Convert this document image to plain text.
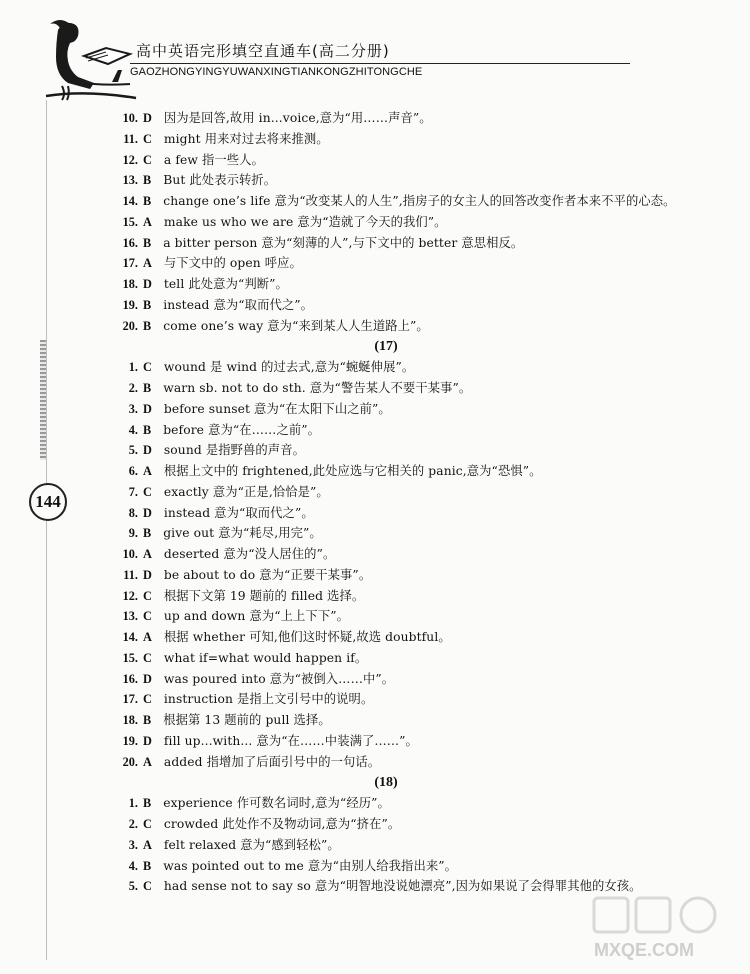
高中英语完形填空直通车(高二分册)
GAOZHONGYINGYUWANXINGTIANKONGZHITONGCHE
144
10. D 因为是回答,故用 in...voice,意为“用……声音”。
11. C might 用来对过去将来推测。
12. C a few 指一些人。
13. B But 此处表示转折。
14. B change one’s life 意为“改变某人的人生”,指房子的女主人的回答改变作者本来不平的心态。
15. A make us who we are 意为“造就了今天的我们”。
16. B a bitter person 意为“刻薄的人”,与下文中的 better 意思相反。
17. A 与下文中的 open 呼应。
18. D tell 此处意为“判断”。
19. B instead 意为“取而代之”。
20. B come one’s way 意为“来到某人人生道路上”。
(17)
1. C wound 是 wind 的过去式,意为“蜿蜒伸展”。
2. B warn sb. not to do sth. 意为“警告某人不要干某事”。
3. D before sunset 意为“在太阳下山之前”。
4. B before 意为“在……之前”。
5. D sound 是指野兽的声音。
6. A 根据上文中的 frightened,此处应选与它相关的 panic,意为“恐惧”。
7. C exactly 意为“正是,恰恰是”。
8. D instead 意为“取而代之”。
9. B give out 意为“耗尽,用完”。
10. A deserted 意为“没人居住的”。
11. D be about to do 意为“正要干某事”。
12. C 根据下文第 19 题前的 filled 选择。
13. C up and down 意为“上上下下”。
14. A 根据 whether 可知,他们这时怀疑,故选 doubtful。
15. C what if=what would happen if。
16. D was poured into 意为“被倒入……中”。
17. C instruction 是指上文引号中的说明。
18. B 根据第 13 题前的 pull 选择。
19. D fill up...with... 意为“在……中装满了……”。
20. A added 指增加了后面引号中的一句话。
(18)
1. B experience 作可数名词时,意为“经历”。
2. C crowded 此处作不及物动词,意为“挤在”。
3. A felt relaxed 意为“感到轻松”。
4. B was pointed out to me 意为“由别人给我指出来”。
5. C had sense not to say so 意为“明智地没说她漂亮”,因为如果说了会得罪其他的女孩。
MXQE.COM
